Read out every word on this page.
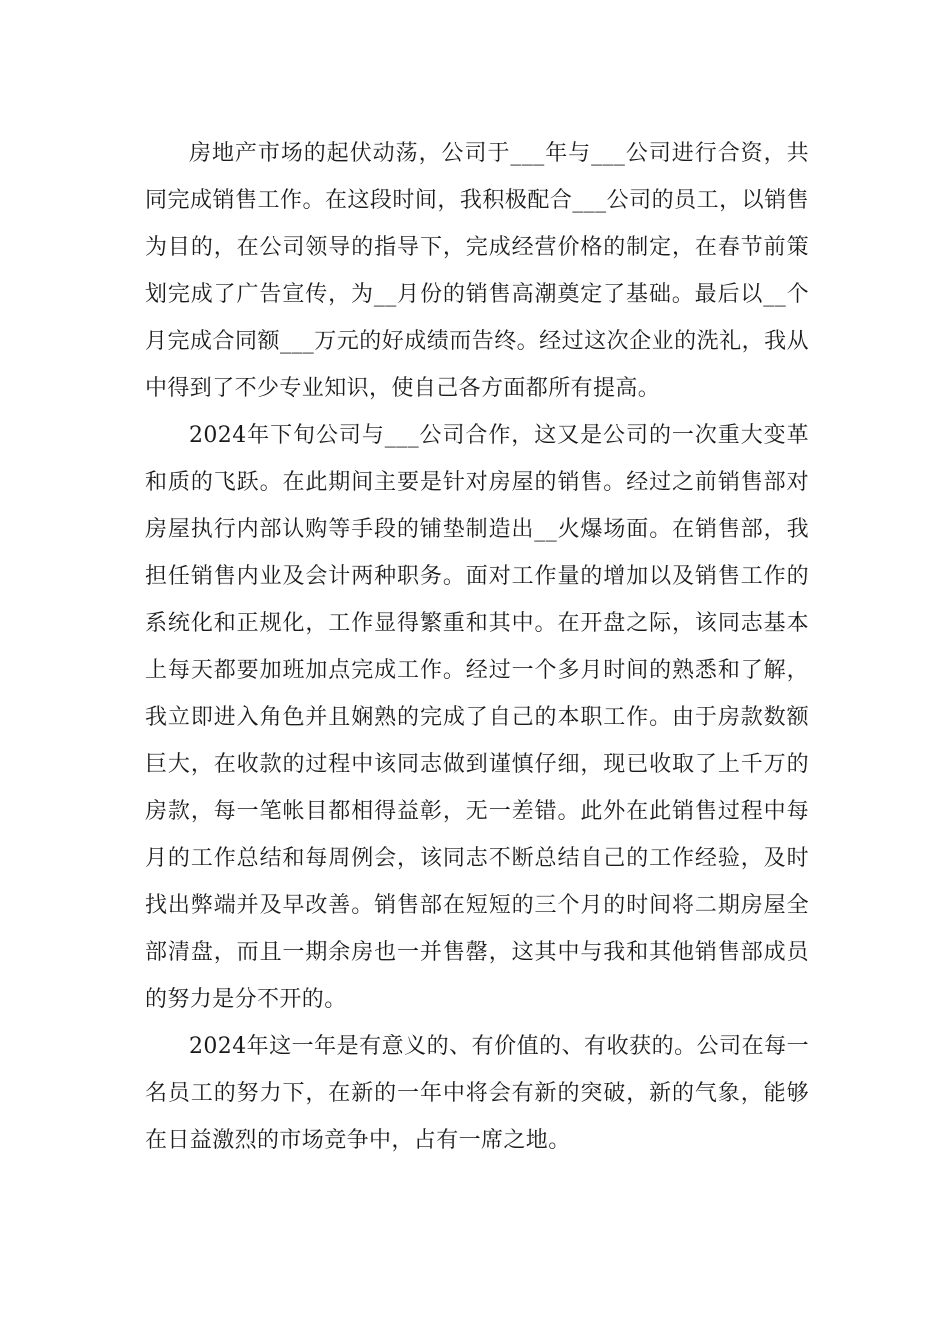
房地产市场的起伏动荡，公司于___年与___公司进行合资，共同完成销售工作。在这段时间，我积极配合___公司的员工，以销售为目的，在公司领导的指导下，完成经营价格的制定，在春节前策划完成了广告宣传，为__月份的销售高潮奠定了基础。最后以__个月完成合同额___万元的好成绩而告终。经过这次企业的洗礼，我从中得到了不少专业知识，使自己各方面都所有提高。

2024年下旬公司与___公司合作，这又是公司的一次重大变革和质的飞跃。在此期间主要是针对房屋的销售。经过之前销售部对房屋执行内部认购等手段的铺垫制造出__火爆场面。在销售部，我担任销售内业及会计两种职务。面对工作量的增加以及销售工作的系统化和正规化，工作显得繁重和其中。在开盘之际，该同志基本上每天都要加班加点完成工作。经过一个多月时间的熟悉和了解，我立即进入角色并且娴熟的完成了自己的本职工作。由于房款数额巨大，在收款的过程中该同志做到谨慎仔细，现已收取了上千万的房款，每一笔帐目都相得益彰，无一差错。此外在此销售过程中每月的工作总结和每周例会，该同志不断总结自己的工作经验，及时找出弊端并及早改善。销售部在短短的三个月的时间将二期房屋全部清盘，而且一期余房也一并售罄，这其中与我和其他销售部成员的努力是分不开的。

2024年这一年是有意义的、有价值的、有收获的。公司在每一名员工的努力下，在新的一年中将会有新的突破，新的气象，能够在日益激烈的市场竞争中，占有一席之地。
